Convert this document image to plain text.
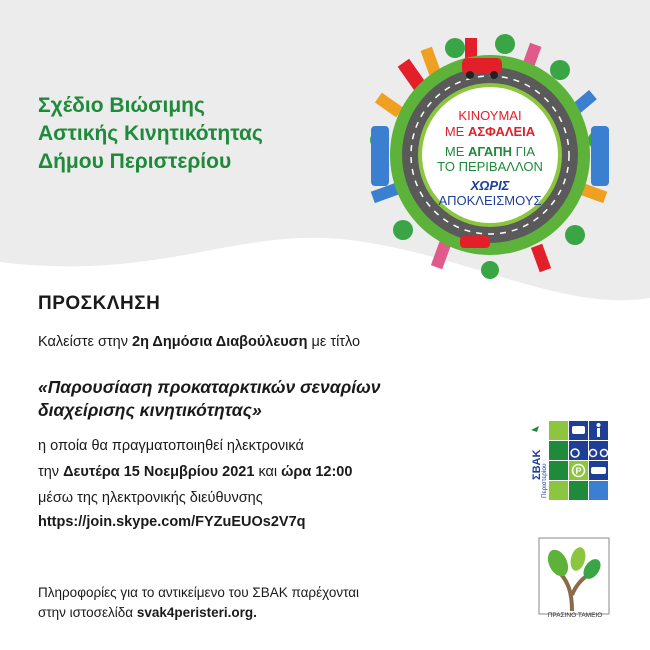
Σχέδιο Βιώσιμης
Αστικής Κινητικότητας
Δήμου Περιστερίου
ΚΙΝΟΥΜΑΙ
ΜΕ ΑΣΦΑΛΕΙΑ
ΜΕ ΑΓΑΠΗ ΓΙΑ
ΤΟ ΠΕΡΙΒΑΛΛΟΝ
ΧΩΡΙΣ
ΑΠΟΚΛΕΙΣΜΟΥΣ
ΠΡΟΣΚΛΗΣΗ
Καλείστε στην 2η Δημόσια Διαβούλευση με τίτλο
«Παρουσίαση προκαταρκτικών σεναρίων
διαχείρισης κινητικότητας»
η οποία θα πραγματοποιηθεί ηλεκτρονικά
την Δευτέρα 15 Νοεμβρίου 2021 και ώρα 12:00
μέσω της ηλεκτρονικής διεύθυνσης
https://join.skype.com/FYZuEUOs2V7q
Πληροφορίες για το αντικείμενο του ΣΒΑΚ παρέχονται
στην ιστοσελίδα svak4peristeri.org.
ΣΒΑΚ
Περιστερίου	P
ΠΡΑΣΙΝΟ ΤΑΜΕΙΟ
